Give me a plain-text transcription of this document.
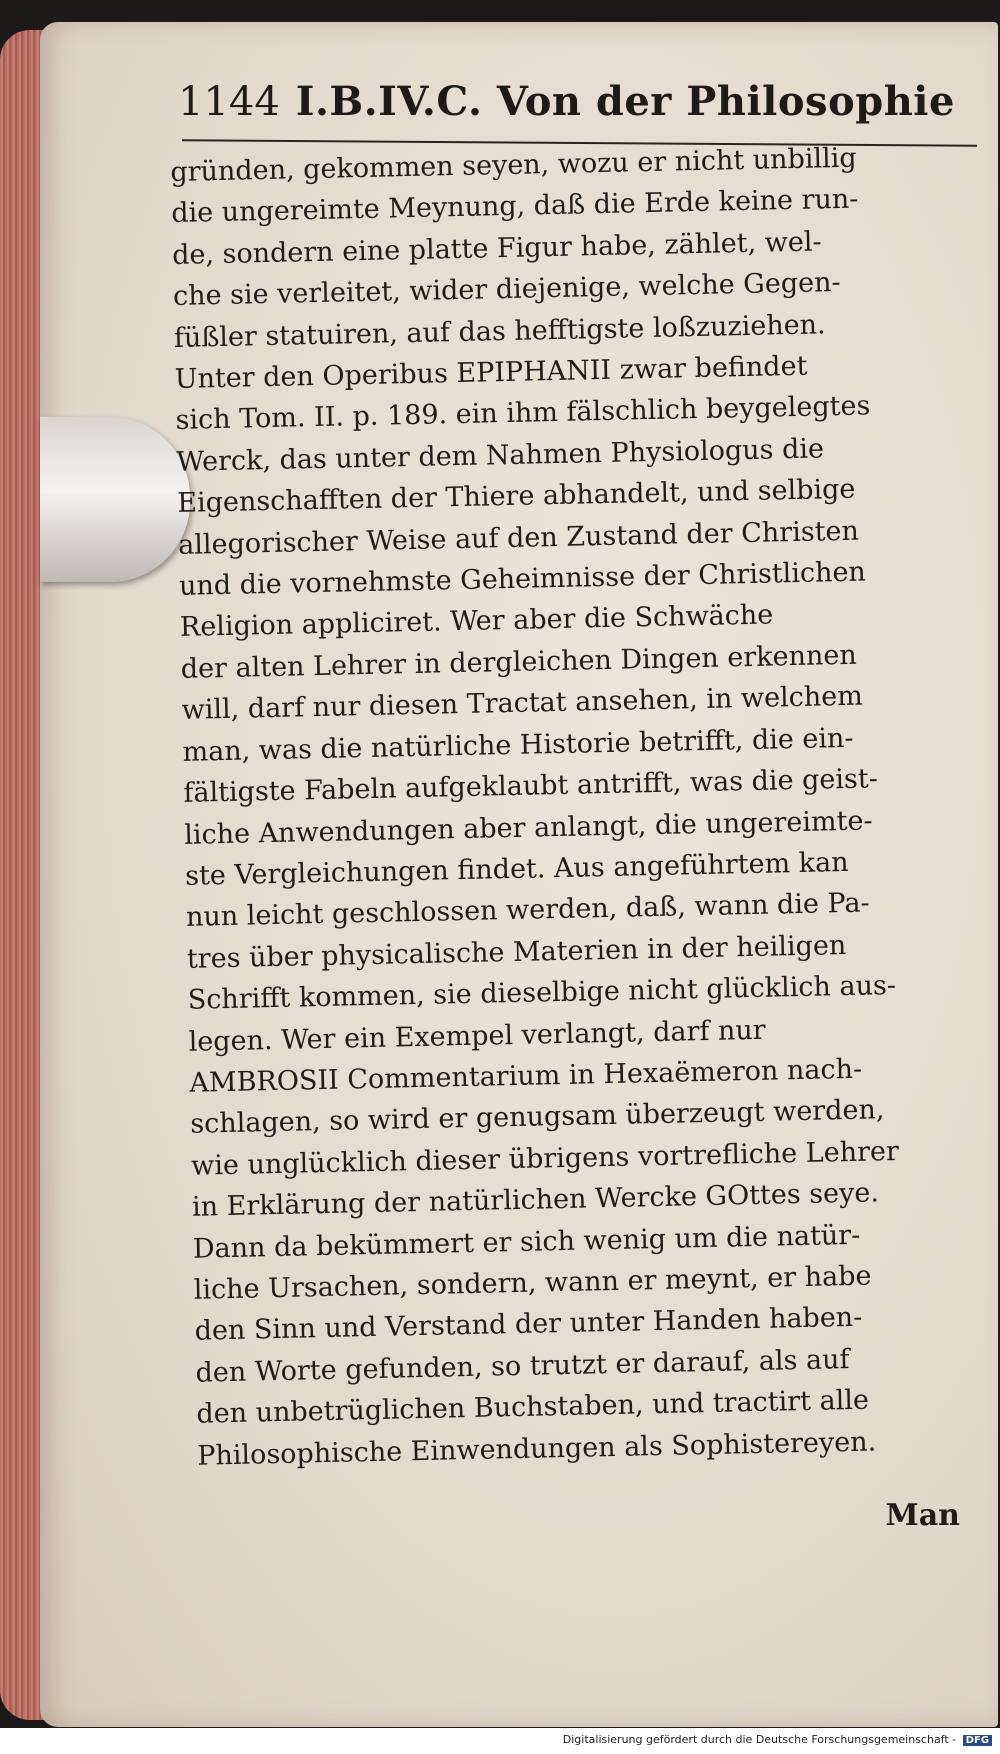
1144 I.B.IV.C. Von der Philosophie
gründen, gekommen seyen, wozu er nicht unbillig
die ungereimte Meynung, daß die Erde keine run-
de, sondern eine platte Figur habe, zählet, wel-
che sie verleitet, wider diejenige, welche Gegen-
füßler statuiren, auf das hefftigste loßzuziehen.
Unter den Operibus EPIPHANII zwar befindet
sich Tom. II. p. 189. ein ihm fälschlich beygelegtes
Werck, das unter dem Nahmen Physiologus die
Eigenschafften der Thiere abhandelt, und selbige
allegorischer Weise auf den Zustand der Christen
und die vornehmste Geheimnisse der Christlichen
Religion appliciret. Wer aber die Schwäche
der alten Lehrer in dergleichen Dingen erkennen
will, darf nur diesen Tractat ansehen, in welchem
man, was die natürliche Historie betrifft, die ein-
fältigste Fabeln aufgeklaubt antrifft, was die geist-
liche Anwendungen aber anlangt, die ungereimte-
ste Vergleichungen findet. Aus angeführtem kan
nun leicht geschlossen werden, daß, wann die Pa-
tres über physicalische Materien in der heiligen
Schrifft kommen, sie dieselbige nicht glücklich aus-
legen. Wer ein Exempel verlangt, darf nur
AMBROSII Commentarium in Hexaëmeron nach-
schlagen, so wird er genugsam überzeugt werden,
wie unglücklich dieser übrigens vortrefliche Lehrer
in Erklärung der natürlichen Wercke GOttes seye.
Dann da bekümmert er sich wenig um die natür-
liche Ursachen, sondern, wann er meynt, er habe
den Sinn und Verstand der unter Handen haben-
den Worte gefunden, so trutzt er darauf, als auf
den unbetrüglichen Buchstaben, und tractirt alle
Philosophische Einwendungen als Sophistereyen.
Man
Digitalisierung gefördert durch die Deutsche Forschungsgemeinschaft - DFG
